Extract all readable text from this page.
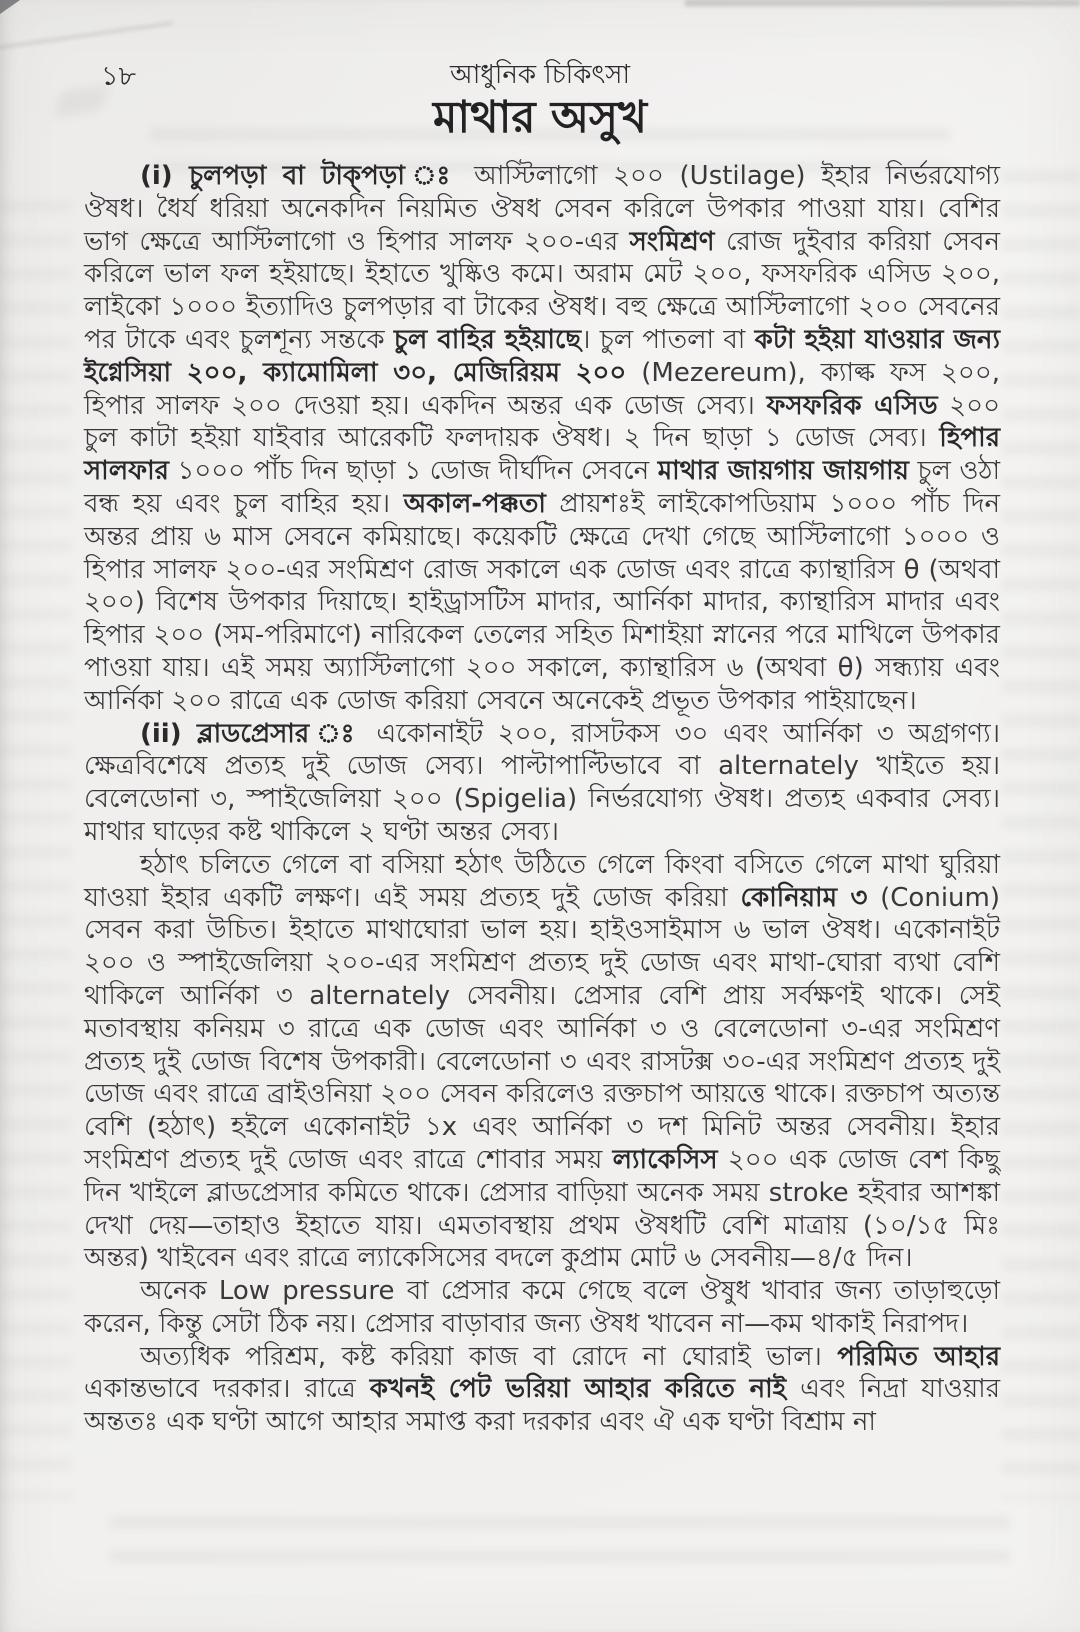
১৮	আধুনিক চিকিৎসা
মাথার অসুখ

(i) চুলপড়া বা টাক্‌পড়া ঃ আস্টিলাগো ২০০ (Ustilage) ইহার নির্ভরযোগ্য ঔষধ। ধৈর্য ধরিয়া অনেকদিন নিয়মিত ঔষধ সেবন করিলে উপকার পাওয়া যায়। বেশির ভাগ ক্ষেত্রে আস্টিলাগো ও হিপার সালফ ২০০-এর সংমিশ্রণ রোজ দুইবার করিয়া সেবন করিলে ভাল ফল হইয়াছে। ইহাতে খুষ্কিও কমে। অরাম মেট ২০০, ফসফরিক এসিড ২০০, লাইকো ১০০০ ইত্যাদিও চুলপড়ার বা টাকের ঔষধ। বহু ক্ষেত্রে আস্টিলাগো ২০০ সেবনের পর টাকে এবং চুলশূন্য সন্তকে চুল বাহির হইয়াছে। চুল পাতলা বা কটা হইয়া যাওয়ার জন্য ইগ্নেসিয়া ২০০, ক্যামোমিলা ৩০, মেজিরিয়ম ২০০ (Mezereum), ক্যাল্ক ফস ২০০, হিপার সালফ ২০০ দেওয়া হয়। একদিন অন্তর এক ডোজ সেব্য। ফসফরিক এসিড ২০০ চুল কাটা হইয়া যাইবার আরেকটি ফলদায়ক ঔষধ। ২ দিন ছাড়া ১ ডোজ সেব্য। হিপার সালফার ১০০০ পাঁচ দিন ছাড়া ১ ডোজ দীর্ঘদিন সেবনে মাথার জায়গায় জায়গায় চুল ওঠা বন্ধ হয় এবং চুল বাহির হয়। অকাল-পক্কতা প্রায়শঃই লাইকোপডিয়াম ১০০০ পাঁচ দিন অন্তর প্রায় ৬ মাস সেবনে কমিয়াছে। কয়েকটি ক্ষেত্রে দেখা গেছে আস্টিলাগো ১০০০ ও হিপার সালফ ২০০-এর সংমিশ্রণ রোজ সকালে এক ডোজ এবং রাত্রে ক্যান্থারিস θ (অথবা ২০০) বিশেষ উপকার দিয়াছে। হাইড্রাসটিস মাদার, আর্নিকা মাদার, ক্যান্থারিস মাদার এবং হিপার ২০০ (সম-পরিমাণে) নারিকেল তেলের সহিত মিশাইয়া স্নানের পরে মাখিলে উপকার পাওয়া যায়। এই সময় অ্যাস্টিলাগো ২০০ সকালে, ক্যান্থারিস ৬ (অথবা θ) সন্ধ্যায় এবং আর্নিকা ২০০ রাত্রে এক ডোজ করিয়া সেবনে অনেকেই প্রভূত উপকার পাইয়াছেন।

(ii) ব্লাডপ্রেসার ঃ একোনাইট ২০০, রাসটকস ৩০ এবং আর্নিকা ৩ অগ্রগণ্য। ক্ষেত্রবিশেষে প্রত্যহ দুই ডোজ সেব্য। পাল্টাপাল্টিভাবে বা alternately খাইতে হয়। বেলেডোনা ৩, স্পাইজেলিয়া ২০০ (Spigelia) নির্ভরযোগ্য ঔষধ। প্রত্যহ একবার সেব্য। মাথার ঘাড়ের কষ্ট থাকিলে ২ ঘণ্টা অন্তর সেব্য।

হঠাৎ চলিতে গেলে বা বসিয়া হঠাৎ উঠিতে গেলে কিংবা বসিতে গেলে মাথা ঘুরিয়া যাওয়া ইহার একটি লক্ষণ। এই সময় প্রত্যহ দুই ডোজ করিয়া কোনিয়াম ৩ (Conium) সেবন করা উচিত। ইহাতে মাথাঘোরা ভাল হয়। হাইওসাইমাস ৬ ভাল ঔষধ। একোনাইট ২০০ ও স্পাইজেলিয়া ২০০-এর সংমিশ্রণ প্রত্যহ দুই ডোজ এবং মাথা-ঘোরা ব্যথা বেশি থাকিলে আর্নিকা ৩ alternately সেবনীয়। প্রেসার বেশি প্রায় সর্বক্ষণই থাকে। সেই মতাবস্থায় কনিয়ম ৩ রাত্রে এক ডোজ এবং আর্নিকা ৩ ও বেলেডোনা ৩-এর সংমিশ্রণ প্রত্যহ দুই ডোজ বিশেষ উপকারী। বেলেডোনা ৩ এবং রাসটক্স ৩০-এর সংমিশ্রণ প্রত্যহ দুই ডোজ এবং রাত্রে ব্রাইওনিয়া ২০০ সেবন করিলেও রক্তচাপ আয়ত্তে থাকে। রক্তচাপ অত্যন্ত বেশি (হঠাৎ) হইলে একোনাইট ১x এবং আর্নিকা ৩ দশ মিনিট অন্তর সেবনীয়। ইহার সংমিশ্রণ প্রত্যহ দুই ডোজ এবং রাত্রে শোবার সময় ল্যাকেসিস ২০০ এক ডোজ বেশ কিছু দিন খাইলে ব্লাডপ্রেসার কমিতে থাকে। প্রেসার বাড়িয়া অনেক সময় stroke হইবার আশঙ্কা দেখা দেয়—তাহাও ইহাতে যায়। এমতাবস্থায় প্রথম ঔষধটি বেশি মাত্রায় (১০/১৫ মিঃ অন্তর) খাইবেন এবং রাত্রে ল্যাকেসিসের বদলে কুপ্রাম মোট ৬ সেবনীয়—৪/৫ দিন।

অনেক Low pressure বা প্রেসার কমে গেছে বলে ঔষুধ খাবার জন্য তাড়াহুড়ো করেন, কিন্তু সেটা ঠিক নয়। প্রেসার বাড়াবার জন্য ঔষধ খাবেন না—কম থাকাই নিরাপদ।

অত্যধিক পরিশ্রম, কষ্ট করিয়া কাজ বা রোদে না ঘোরাই ভাল। পরিমিত আহার একান্তভাবে দরকার। রাত্রে কখনই পেট ভরিয়া আহার করিতে নাই এবং নিদ্রা যাওয়ার অন্ততঃ এক ঘণ্টা আগে আহার সমাপ্ত করা দরকার এবং ঐ এক ঘণ্টা বিশ্রাম না
